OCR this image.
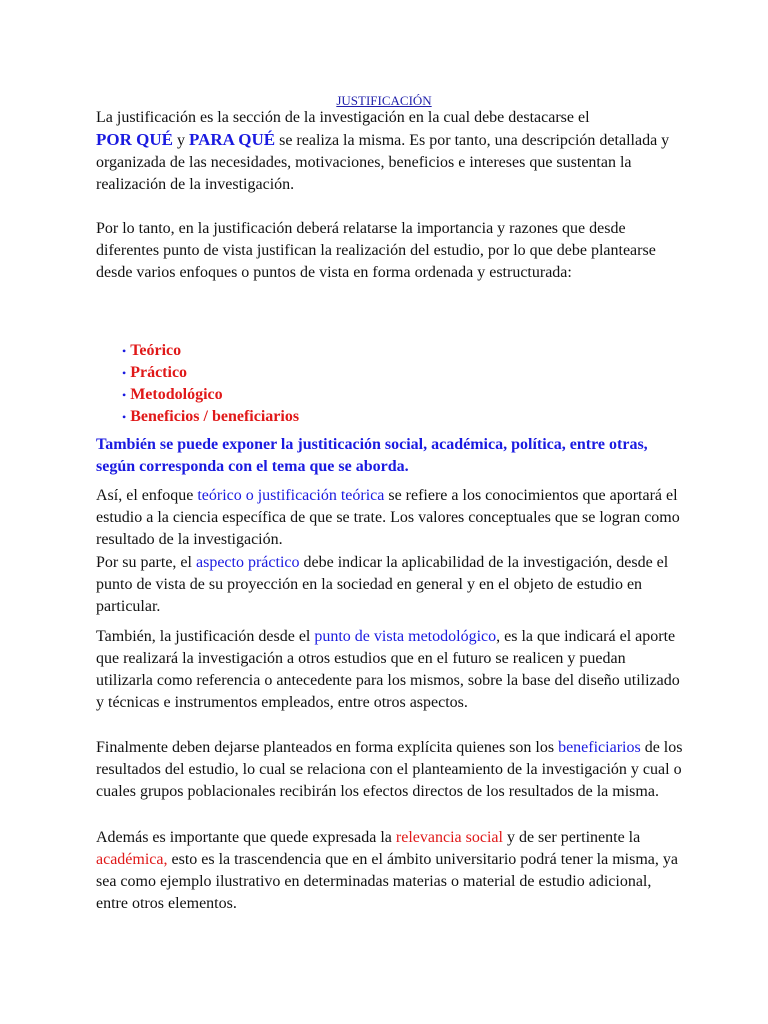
JUSTIFICACIÓN

La justificación es la sección de la investigación en la cual debe destacarse el
POR QUÉ y PARA QUÉ se realiza la misma. Es por tanto, una descripción detallada y organizada de las necesidades, motivaciones, beneficios e intereses que sustentan la realización de la investigación.

Por lo tanto, en la justificación deberá relatarse la importancia y razones que desde diferentes punto de vista justifican la realización del estudio, por lo que debe plantearse desde varios enfoques o puntos de vista en forma ordenada y estructurada:

• Teórico
• Práctico
• Metodológico
• Beneficios / beneficiarios

También se puede exponer la justiticación social, académica, política, entre otras, según corresponda con el tema que se aborda.

Así, el enfoque teórico o justificación teórica se refiere a los conocimientos que aportará el estudio a la ciencia específica de que se trate. Los valores conceptuales que se logran como resultado de la investigación.

Por su parte, el aspecto práctico debe indicar la aplicabilidad de la investigación, desde el punto de vista de su proyección en la sociedad en general y en el objeto de estudio en particular.

También, la justificación desde el punto de vista metodológico, es la que indicará el aporte que realizará la investigación a otros estudios que en el futuro se realicen y puedan utilizarla como referencia o antecedente para los mismos, sobre la base del diseño utilizado y técnicas e instrumentos empleados, entre otros aspectos.

Finalmente deben dejarse planteados en forma explícita quienes son los beneficiarios de los resultados del estudio, lo cual se relaciona con el planteamiento de la investigación y cual o cuales grupos poblacionales recibirán los efectos directos de los resultados de la misma.

Además es importante que quede expresada la relevancia social y de ser pertinente la académica, esto es la trascendencia que en el ámbito universitario podrá tener la misma, ya sea como ejemplo ilustrativo en determinadas materias o material de estudio adicional, entre otros elementos.
